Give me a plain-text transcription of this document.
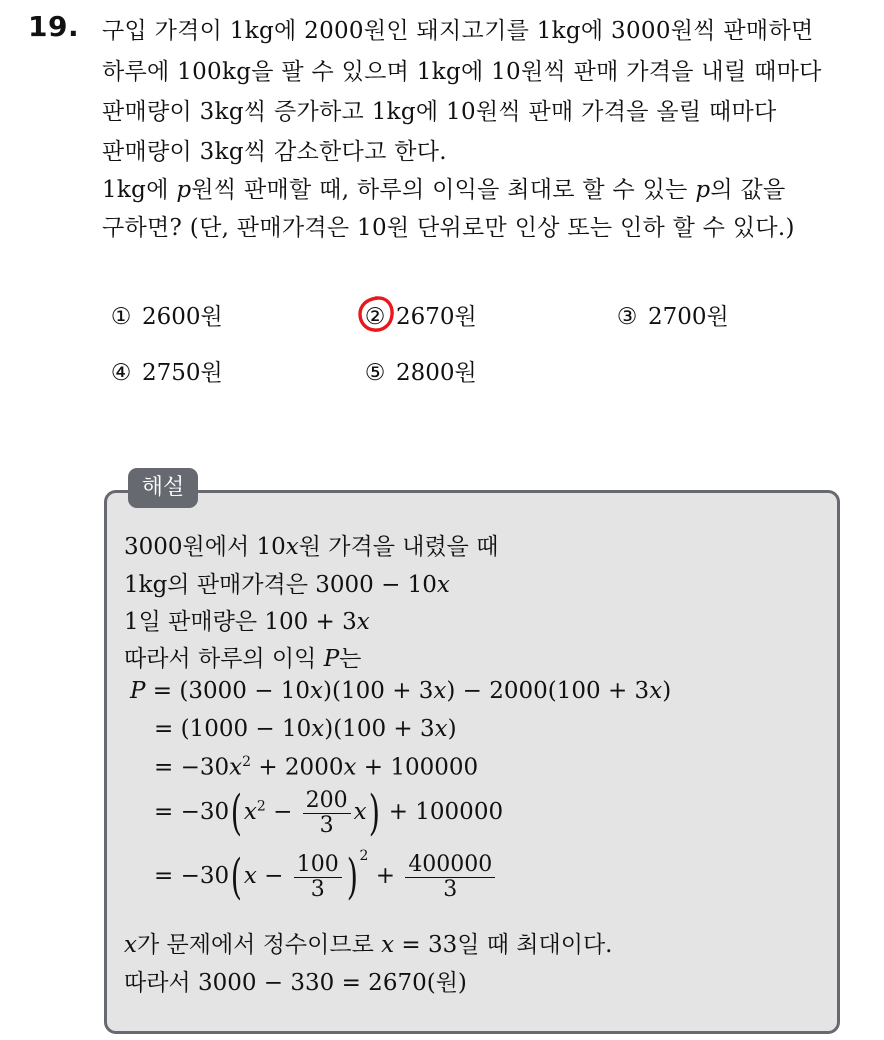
19. 구입 가격이 1kg에 2000원인 돼지고기를 1kg에 3000원씩 판매하면
하루에 100kg을 팔 수 있으며 1kg에 10원씩 판매 가격을 내릴 때마다
판매량이 3kg씩 증가하고 1kg에 10원씩 판매 가격을 올릴 때마다
판매량이 3kg씩 감소한다고 한다.
1kg에 p원씩 판매할 때, 하루의 이익을 최대로 할 수 있는 p의 값을
구하면? (단, 판매가격은 10원 단위로만 인상 또는 인하 할 수 있다.)
① 2600원	② 2670원	③ 2700원
④ 2750원	⑤ 2800원
해설
3000원에서 10x원 가격을 내렸을 때
1kg의 판매가격은 3000 − 10x
1일 판매량은 100 + 3x
따라서 하루의 이익 P는
P = (3000 − 10x)(100 + 3x) − 2000(100 + 3x)
= (1000 − 10x)(100 + 3x)
= $-30x^2 + 2000x + 100000$
= $-30(x^2 - \frac{200}{3} x) + 100000$
= $-30(x - \frac{100}{3}$ ) $^2 + \frac{400000}{3}$
x가 문제에서 정수이므로 x = 33일 때 최대이다.
따라서 3000 − 330 = 2670(원)
